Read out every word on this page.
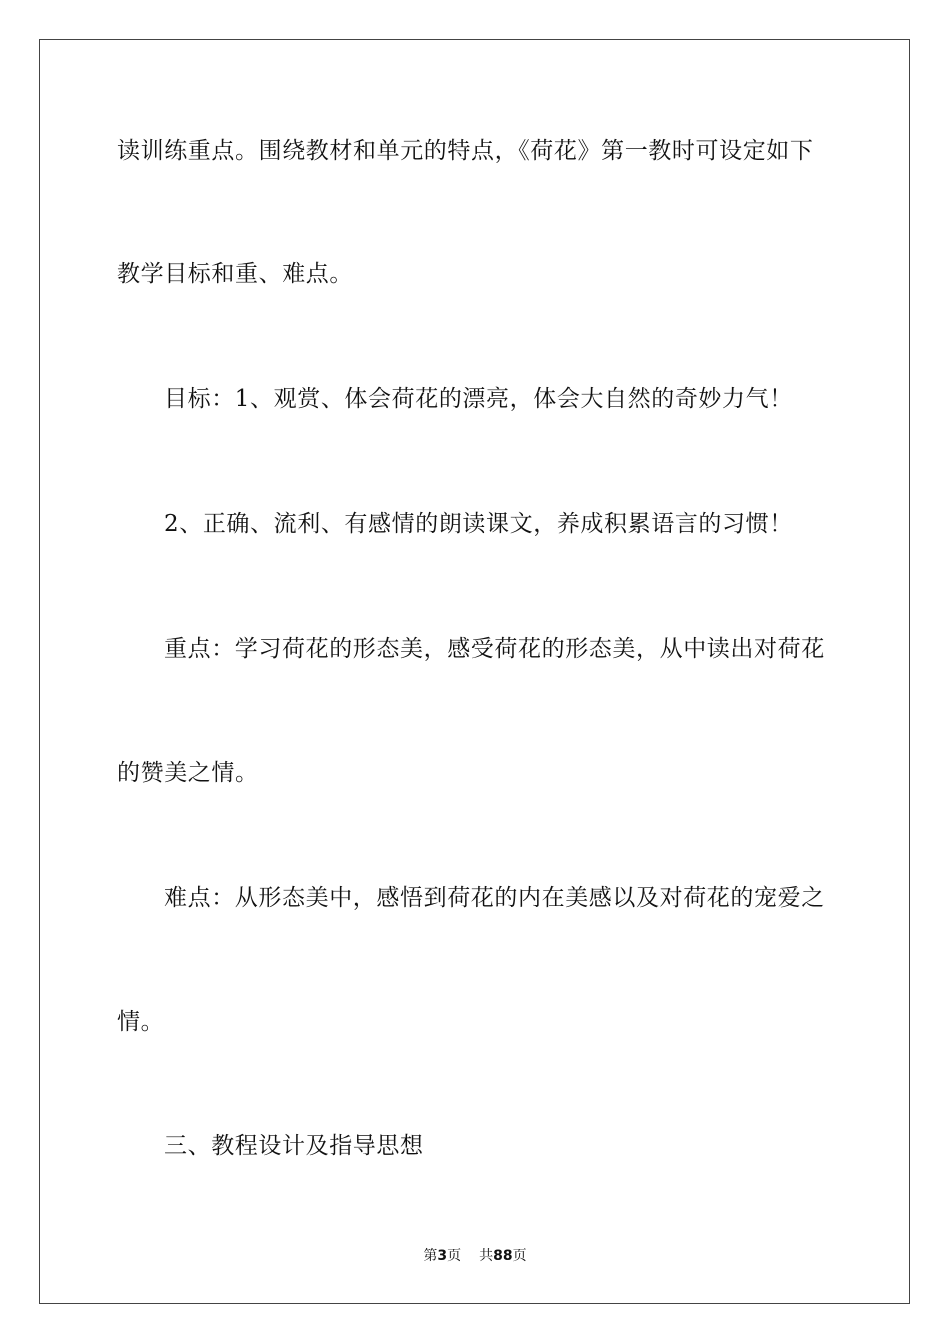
读训练重点。围绕教材和单元的特点，《荷花》第一教时可设定如下
教学目标和重、难点。
目标：1、观赏、体会荷花的漂亮，体会大自然的奇妙力气！
2、正确、流利、有感情的朗读课文，养成积累语言的习惯！
重点：学习荷花的形态美，感受荷花的形态美，从中读出对荷花
的赞美之情。
难点：从形态美中，感悟到荷花的内在美感以及对荷花的宠爱之
情。
三、教程设计及指导思想
第3页 共88页
